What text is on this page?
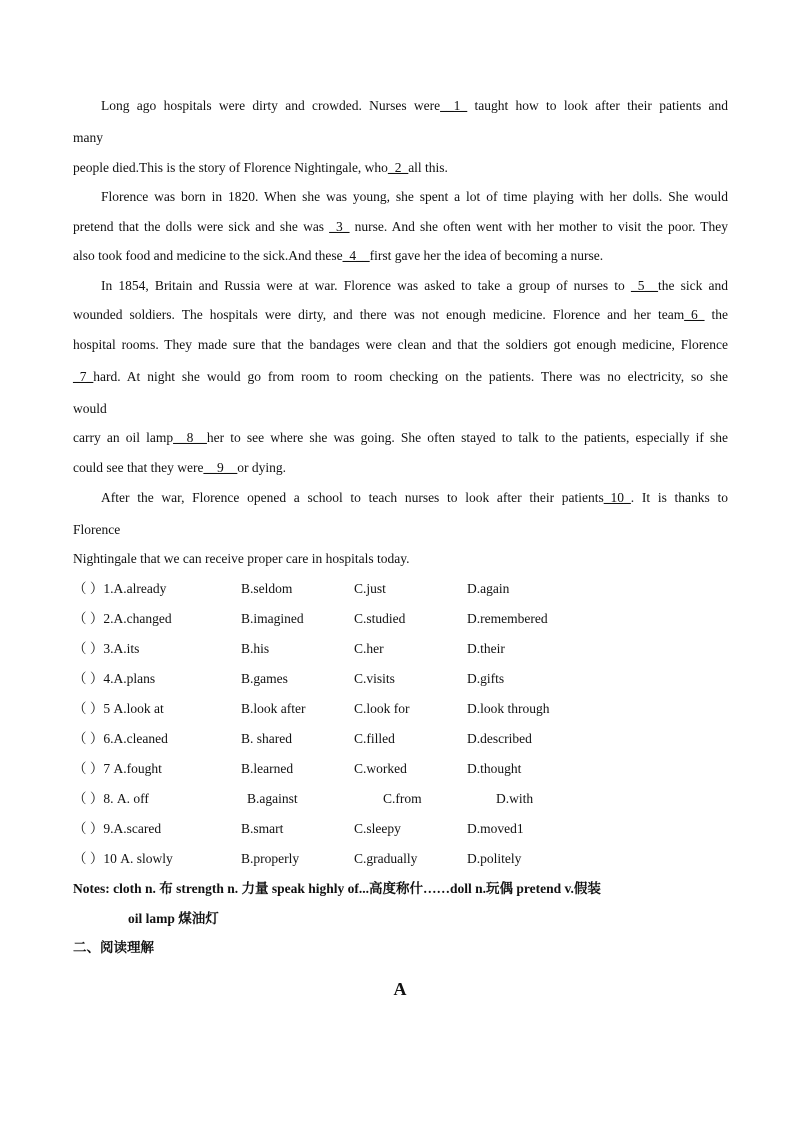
Long ago hospitals were dirty and crowded. Nurses were__1_ taught how to look after their patients and
many
people died.This is the story of Florence Nightingale, who_2_all this.
Florence was born in 1820. When she was young, she spent a lot of time playing with her dolls. She would
pretend that the dolls were sick and she was _3_ nurse. And she often went with her mother to visit the poor. They
also took food and medicine to the sick.And these_4__first gave her the idea of becoming a nurse.
In 1854, Britain and Russia were at war. Florence was asked to take a group of nurses to _5__the sick and
wounded soldiers. The hospitals were dirty, and there was not enough medicine. Florence and her team_6_ the
hospital rooms. They made sure that the bandages were clean and that the soldiers got enough medicine, Florence
_7_hard. At night she would go from room to room checking on the patients. There was no electricity, so she
would
carry an oil lamp__8__her to see where she was going. She often stayed to talk to the patients, especially if she
could see that they were__9__or dying.
After the war, Florence opened a school to teach nurses to look after their patients_10_. It is thanks to
Florence
Nightingale that we can receive proper care in hospitals today.
（ ）1.A.already	B.seldom	C.just	D.again
（ ）2.A.changed	B.imagined	C.studied	D.remembered
（ ）3.A.its	B.his	C.her	D.their
（ ）4.A.plans	B.games	C.visits	D.gifts
（ ）5 A.look at	B.look after	C.look for	D.look through
（ ）6.A.cleaned	B. shared	C.filled	D.described
（ ）7 A.fought	B.learned	C.worked	D.thought
（ ）8. A. off	B.against	C.from	D.with
（ ）9.A.scared	B.smart	C.sleepy	D.moved1
（ ）10 A. slowly	B.properly	C.gradually	D.politely
Notes: cloth n. 布 strength n. 力量 speak highly of...高度称什……doll n.玩偶 pretend v.假装
oil lamp 煤油灯
二、阅读理解
A
